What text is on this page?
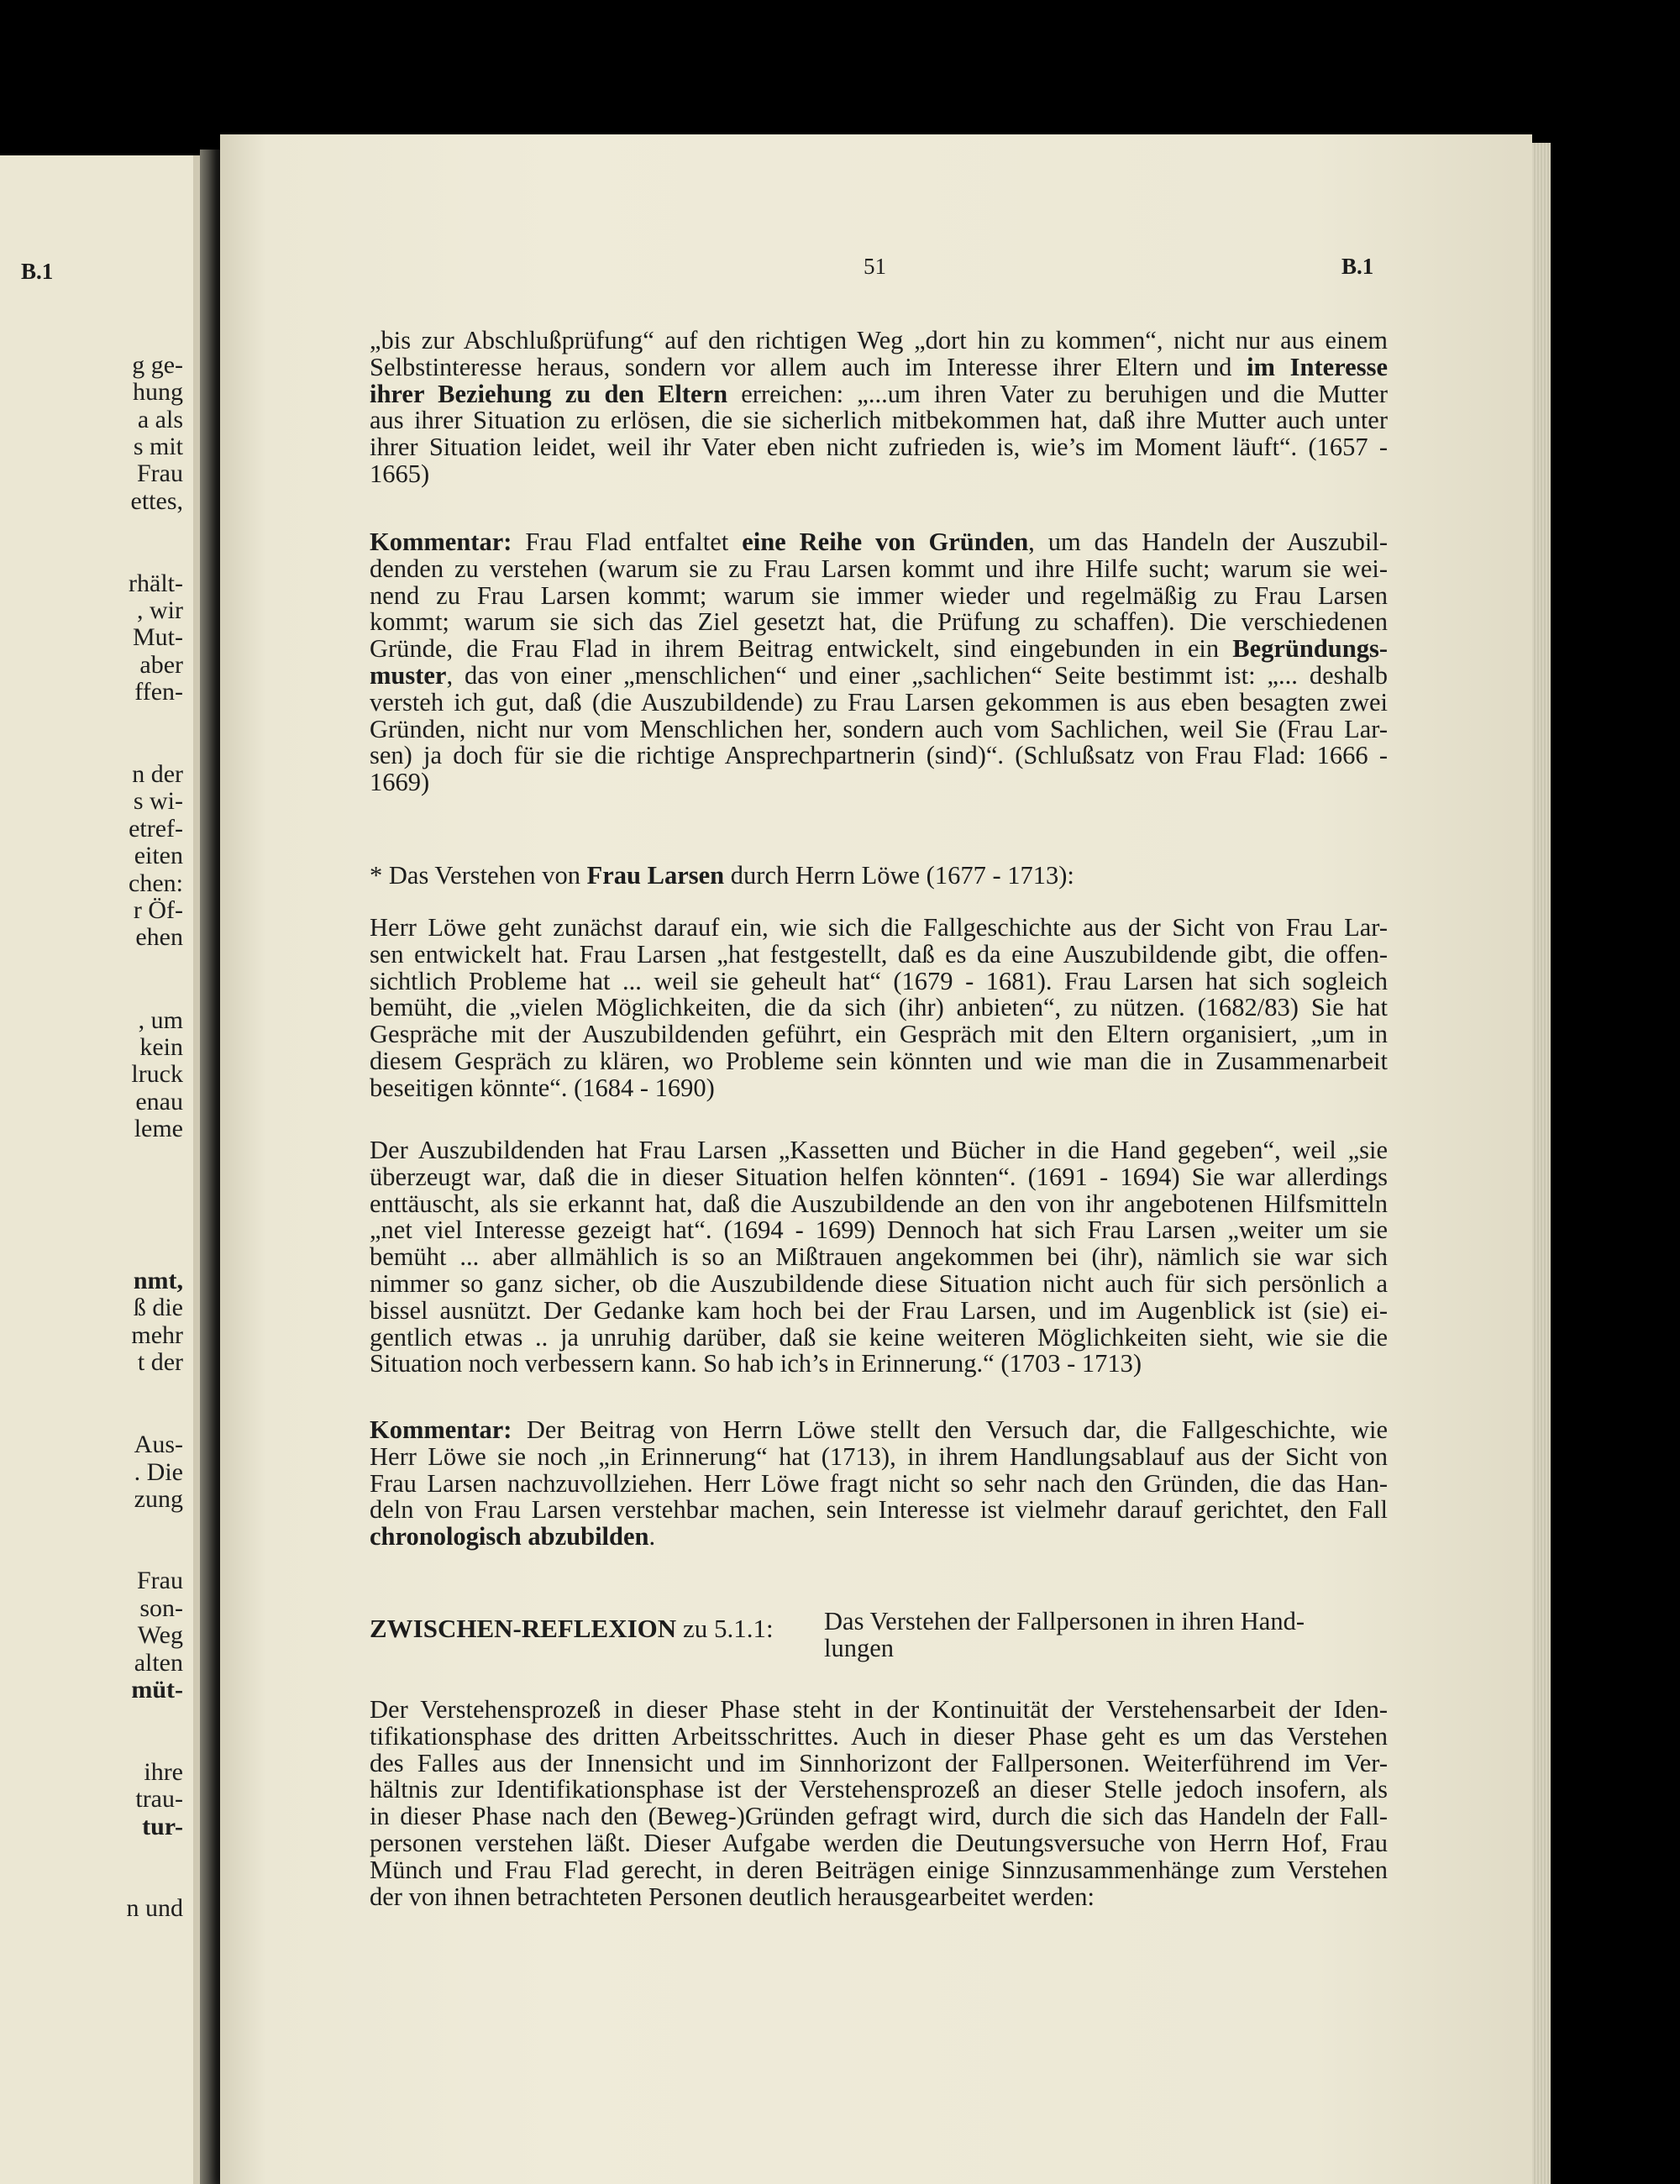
B.1
g ge-
hung
a als
s mit
Frau
ettes,
rhält-
, wir
Mut-
aber
ffen-
n der
s wi-
etref-
eiten
chen:
r Öf-
ehen
, um
kein
lruck
enau
leme
nmt,
ß die
mehr
t der
Aus-
. Die
zung
Frau
son-
Weg
alten
müt-
ihre
trau-
tur-
n und
51	B.1
„bis zur Abschlußprüfung“ auf den richtigen Weg „dort hin zu kommen“, nicht nur aus einem
Selbstinteresse heraus, sondern vor allem auch im Interesse ihrer Eltern und im Interesse
ihrer Beziehung zu den Eltern erreichen: „...um ihren Vater zu beruhigen und die Mutter
aus ihrer Situation zu erlösen, die sie sicherlich mitbekommen hat, daß ihre Mutter auch unter
ihrer Situation leidet, weil ihr Vater eben nicht zufrieden is, wie’s im Moment läuft“. (1657 -
1665)
Kommentar: Frau Flad entfaltet eine Reihe von Gründen, um das Handeln der Auszubil-
denden zu verstehen (warum sie zu Frau Larsen kommt und ihre Hilfe sucht; warum sie wei-
nend zu Frau Larsen kommt; warum sie immer wieder und regelmäßig zu Frau Larsen
kommt; warum sie sich das Ziel gesetzt hat, die Prüfung zu schaffen). Die verschiedenen
Gründe, die Frau Flad in ihrem Beitrag entwickelt, sind eingebunden in ein Begründungs-
muster, das von einer „menschlichen“ und einer „sachlichen“ Seite bestimmt ist: „... deshalb
versteh ich gut, daß (die Auszubildende) zu Frau Larsen gekommen is aus eben besagten zwei
Gründen, nicht nur vom Menschlichen her, sondern auch vom Sachlichen, weil Sie (Frau Lar-
sen) ja doch für sie die richtige Ansprechpartnerin (sind)“. (Schlußsatz von Frau Flad: 1666 -
1669)
* Das Verstehen von Frau Larsen durch Herrn Löwe (1677 - 1713):
Herr Löwe geht zunächst darauf ein, wie sich die Fallgeschichte aus der Sicht von Frau Lar-
sen entwickelt hat. Frau Larsen „hat festgestellt, daß es da eine Auszubildende gibt, die offen-
sichtlich Probleme hat ... weil sie geheult hat“ (1679 - 1681). Frau Larsen hat sich sogleich
bemüht, die „vielen Möglichkeiten, die da sich (ihr) anbieten“, zu nützen. (1682/83) Sie hat
Gespräche mit der Auszubildenden geführt, ein Gespräch mit den Eltern organisiert, „um in
diesem Gespräch zu klären, wo Probleme sein könnten und wie man die in Zusammenarbeit
beseitigen könnte“. (1684 - 1690)
Der Auszubildenden hat Frau Larsen „Kassetten und Bücher in die Hand gegeben“, weil „sie
überzeugt war, daß die in dieser Situation helfen könnten“. (1691 - 1694) Sie war allerdings
enttäuscht, als sie erkannt hat, daß die Auszubildende an den von ihr angebotenen Hilfsmitteln
„net viel Interesse gezeigt hat“. (1694 - 1699) Dennoch hat sich Frau Larsen „weiter um sie
bemüht ... aber allmählich is so an Mißtrauen angekommen bei (ihr), nämlich sie war sich
nimmer so ganz sicher, ob die Auszubildende diese Situation nicht auch für sich persönlich a
bissel ausnützt. Der Gedanke kam hoch bei der Frau Larsen, und im Augenblick ist (sie) ei-
gentlich etwas .. ja unruhig darüber, daß sie keine weiteren Möglichkeiten sieht, wie sie die
Situation noch verbessern kann. So hab ich’s in Erinnerung.“ (1703 - 1713)
Kommentar: Der Beitrag von Herrn Löwe stellt den Versuch dar, die Fallgeschichte, wie
Herr Löwe sie noch „in Erinnerung“ hat (1713), in ihrem Handlungsablauf aus der Sicht von
Frau Larsen nachzuvollziehen. Herr Löwe fragt nicht so sehr nach den Gründen, die das Han-
deln von Frau Larsen verstehbar machen, sein Interesse ist vielmehr darauf gerichtet, den Fall
chronologisch abzubilden.
ZWISCHEN-REFLEXION zu 5.1.1: Das Verstehen der Fallpersonen in ihren Hand-
lungen
Der Verstehensprozeß in dieser Phase steht in der Kontinuität der Verstehensarbeit der Iden-
tifikationsphase des dritten Arbeitsschrittes. Auch in dieser Phase geht es um das Verstehen
des Falles aus der Innensicht und im Sinnhorizont der Fallpersonen. Weiterführend im Ver-
hältnis zur Identifikationsphase ist der Verstehensprozeß an dieser Stelle jedoch insofern, als
in dieser Phase nach den (Beweg-)Gründen gefragt wird, durch die sich das Handeln der Fall-
personen verstehen läßt. Dieser Aufgabe werden die Deutungsversuche von Herrn Hof, Frau
Münch und Frau Flad gerecht, in deren Beiträgen einige Sinnzusammenhänge zum Verstehen
der von ihnen betrachteten Personen deutlich herausgearbeitet werden:
